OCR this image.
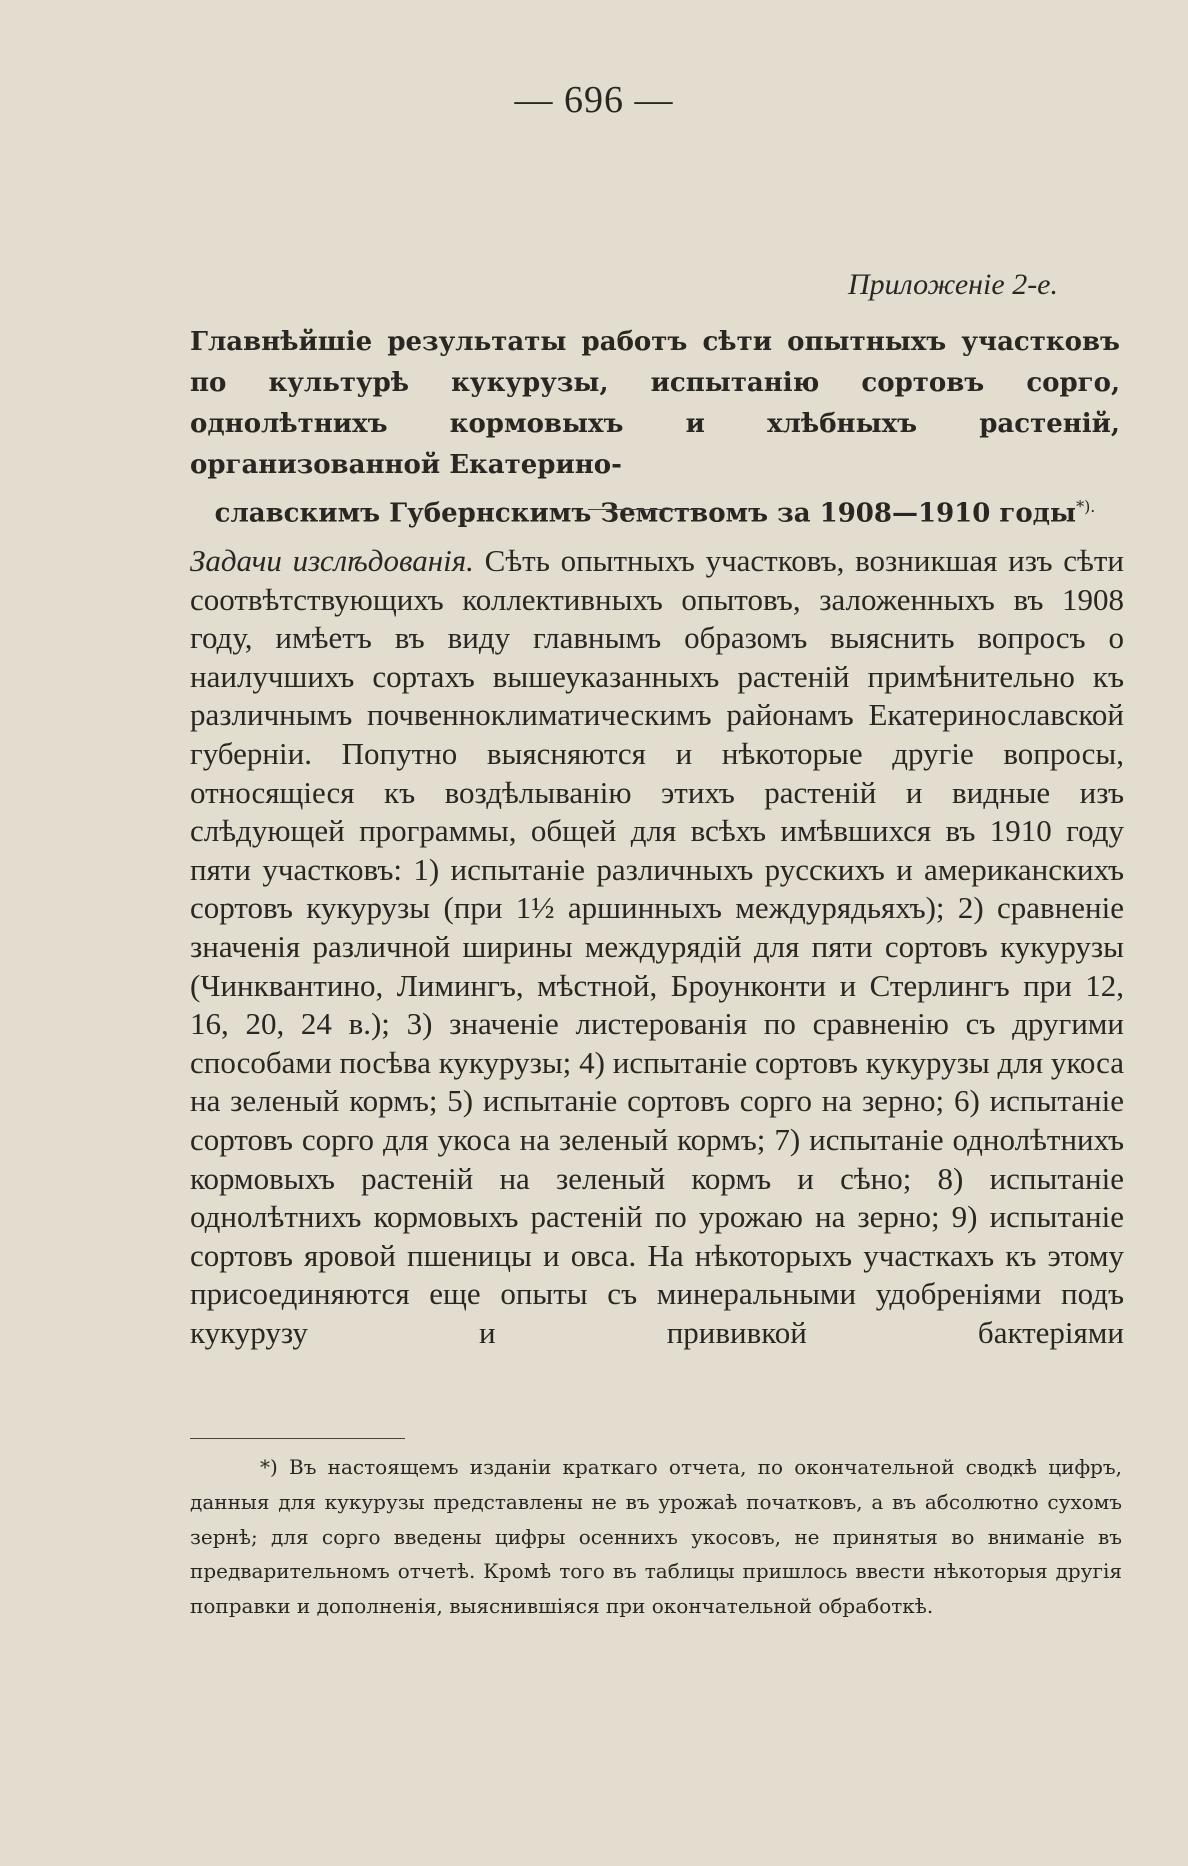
— 696 —
Приложенiе 2-е.
Главнѣйшiе результаты работъ сѣти опытныхъ участковъ по культурѣ кукурузы, испытанiю сортовъ сорго, однолѣтнихъ кормовыхъ и хлѣбныхъ растенiй, организованной Екатерино-
славскимъ Губернскимъ Земствомъ за 1908—1910 годы*).
Задачи изслѣдованiя. Сѣть опытныхъ участковъ, возникшая изъ сѣти соотвѣтствующихъ коллективныхъ опытовъ, заложенныхъ въ 1908 году, имѣетъ въ виду главнымъ образомъ выяснить вопросъ о наилучшихъ сортахъ вышеуказанныхъ растенiй примѣнительно къ различнымъ почвенноклиматическимъ районамъ Екатеринославской губернiи. Попутно выясняются и нѣкоторые другiе вопросы, относящiеся къ воздѣлыванiю этихъ растенiй и видные изъ слѣдующей программы, общей для всѣхъ имѣвшихся въ 1910 году пяти участковъ: 1) испытанiе различныхъ русскихъ и американскихъ сортовъ кукурузы (при 1½ аршинныхъ междурядьяхъ); 2) сравненiе значенiя различной ширины междурядiй для пяти сортовъ кукурузы (Чинквантино, Лимингъ, мѣстной, Броунконти и Стерлингъ при 12, 16, 20, 24 в.); 3) значенiе листерованiя по сравненiю съ другими способами посѣва кукурузы; 4) испытанiе сортовъ кукурузы для укоса на зеленый кормъ; 5) испытанiе сортовъ сорго на зерно; 6) испытанiе сортовъ сорго для укоса на зеленый кормъ; 7) испытанiе однолѣтнихъ кормовыхъ растенiй на зеленый кормъ и сѣно; 8) испытанiе однолѣтнихъ кормовыхъ растенiй по урожаю на зерно; 9) испытанiе сортовъ яровой пшеницы и овса. На нѣкоторыхъ участкахъ къ этому присоединяются еще опыты съ минеральными удобренiями подъ кукурузу и прививкой бактерiями
*) Въ настоящемъ изданiи краткаго отчета, по окончательной сводкѣ цифръ, данныя для кукурузы представлены не въ урожаѣ початковъ, а въ абсолютно сухомъ зернѣ; для сорго введены цифры осеннихъ укосовъ, не принятыя во вниманiе въ предварительномъ отчетѣ. Кромѣ того въ таблицы пришлось ввести нѣкоторыя другiя поправки и дополненiя, выяснившiяся при окончательной обработкѣ.
